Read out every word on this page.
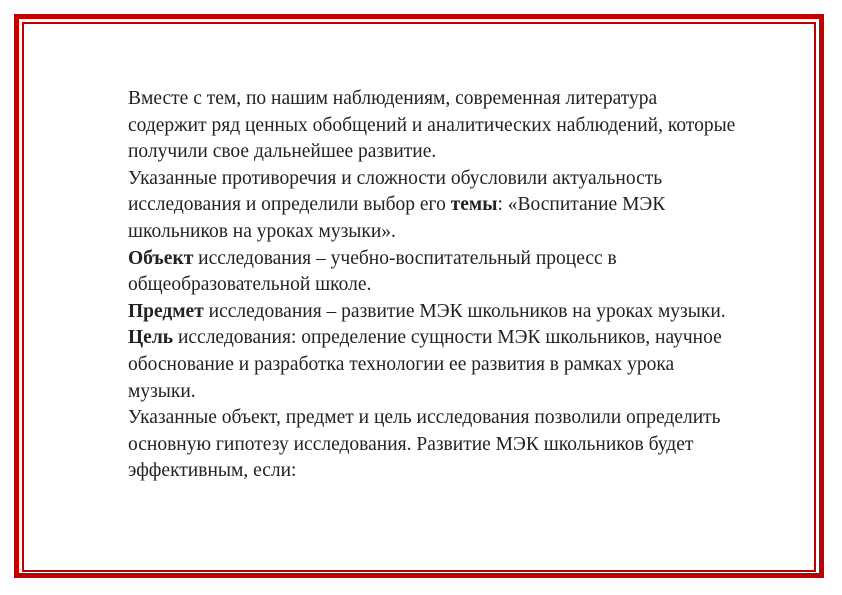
Вместе с тем, по нашим наблюдениям, современная литература содержит ряд ценных обобщений и аналитических наблюдений, которые получили свое дальнейшее развитие.

Указанные противоречия и сложности обусловили актуальность исследования и определили выбор его темы: «Воспитание МЭК школьников на уроках музыки».

Объект исследования – учебно-воспитательный процесс в общеобразовательной школе.

Предмет исследования – развитие МЭК школьников на уроках музыки.

Цель исследования: определение сущности МЭК школьников, научное обоснование и разработка технологии ее развития в рамках урока музыки.

Указанные объект, предмет и цель исследования позволили определить основную гипотезу исследования. Развитие МЭК школьников будет эффективным, если:
